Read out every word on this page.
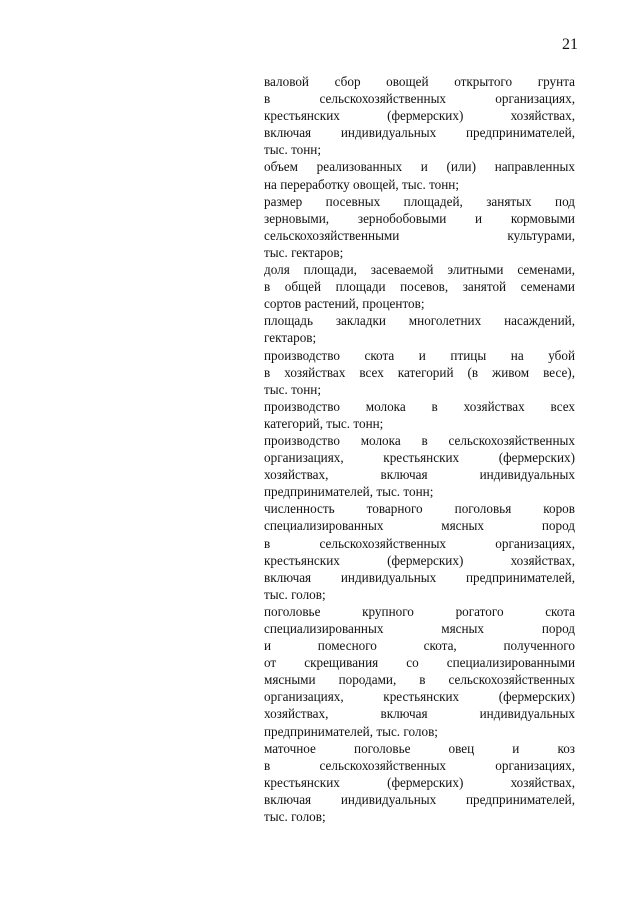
21
валовой сбор овощей открытого грунта
в сельскохозяйственных организациях,
крестьянских (фермерских) хозяйствах,
включая индивидуальных предпринимателей,
тыс. тонн;
объем реализованных и (или) направленных
на переработку овощей, тыс. тонн;
размер посевных площадей, занятых под
зерновыми, зернобобовыми и кормовыми
сельскохозяйственными культурами,
тыс. гектаров;
доля площади, засеваемой элитными семенами,
в общей площади посевов, занятой семенами
сортов растений, процентов;
площадь закладки многолетних насаждений,
гектаров;
производство скота и птицы на убой
в хозяйствах всех категорий (в живом весе),
тыс. тонн;
производство молока в хозяйствах всех
категорий, тыс. тонн;
производство молока в сельскохозяйственных
организациях, крестьянских (фермерских)
хозяйствах, включая индивидуальных
предпринимателей, тыс. тонн;
численность товарного поголовья коров
специализированных мясных пород
в сельскохозяйственных организациях,
крестьянских (фермерских) хозяйствах,
включая индивидуальных предпринимателей,
тыс. голов;
поголовье крупного рогатого скота
специализированных мясных пород
и помесного скота, полученного
от скрещивания со специализированными
мясными породами, в сельскохозяйственных
организациях, крестьянских (фермерских)
хозяйствах, включая индивидуальных
предпринимателей, тыс. голов;
маточное поголовье овец и коз
в сельскохозяйственных организациях,
крестьянских (фермерских) хозяйствах,
включая индивидуальных предпринимателей,
тыс. голов;
